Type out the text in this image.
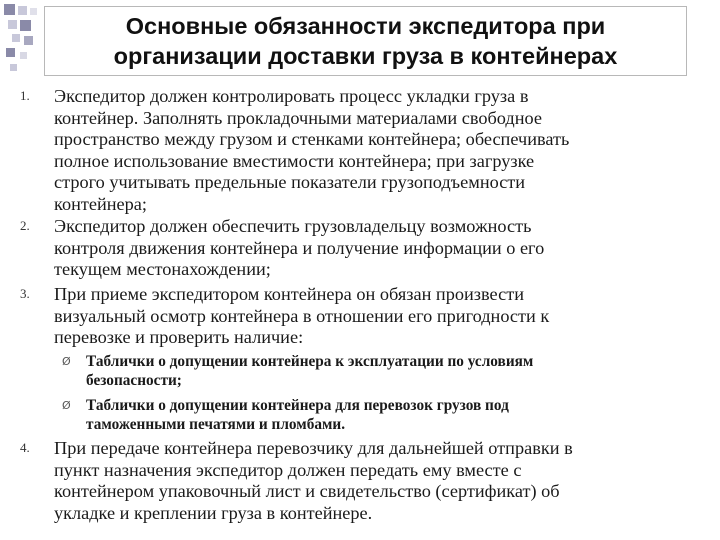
Основные обязанности экспедитора при
организации доставки груза в контейнерах
1. Экспедитор должен контролировать процесс укладки груза в
контейнер. Заполнять прокладочными материалами свободное
пространство между грузом и стенками контейнера; обеспечивать
полное использование вместимости контейнера; при загрузке
строго учитывать предельные показатели грузоподъемности
контейнера;
2. Экспедитор должен обеспечить грузовладельцу возможность
контроля движения контейнера и получение информации о его
текущем местонахождении;
3. При приеме экспедитором контейнера он обязан произвести
визуальный осмотр контейнера в отношении его пригодности к
перевозке и проверить наличие:
Ø Таблички о допущении контейнера к эксплуатации по условиям
безопасности;
Ø Таблички о допущении контейнера для перевозок грузов под
таможенными печатями и пломбами.
4. При передаче контейнера перевозчику для дальнейшей отправки в
пункт назначения экспедитор должен передать ему вместе с
контейнером упаковочный лист и свидетельство (сертификат) об
укладке и креплении груза в контейнере.
